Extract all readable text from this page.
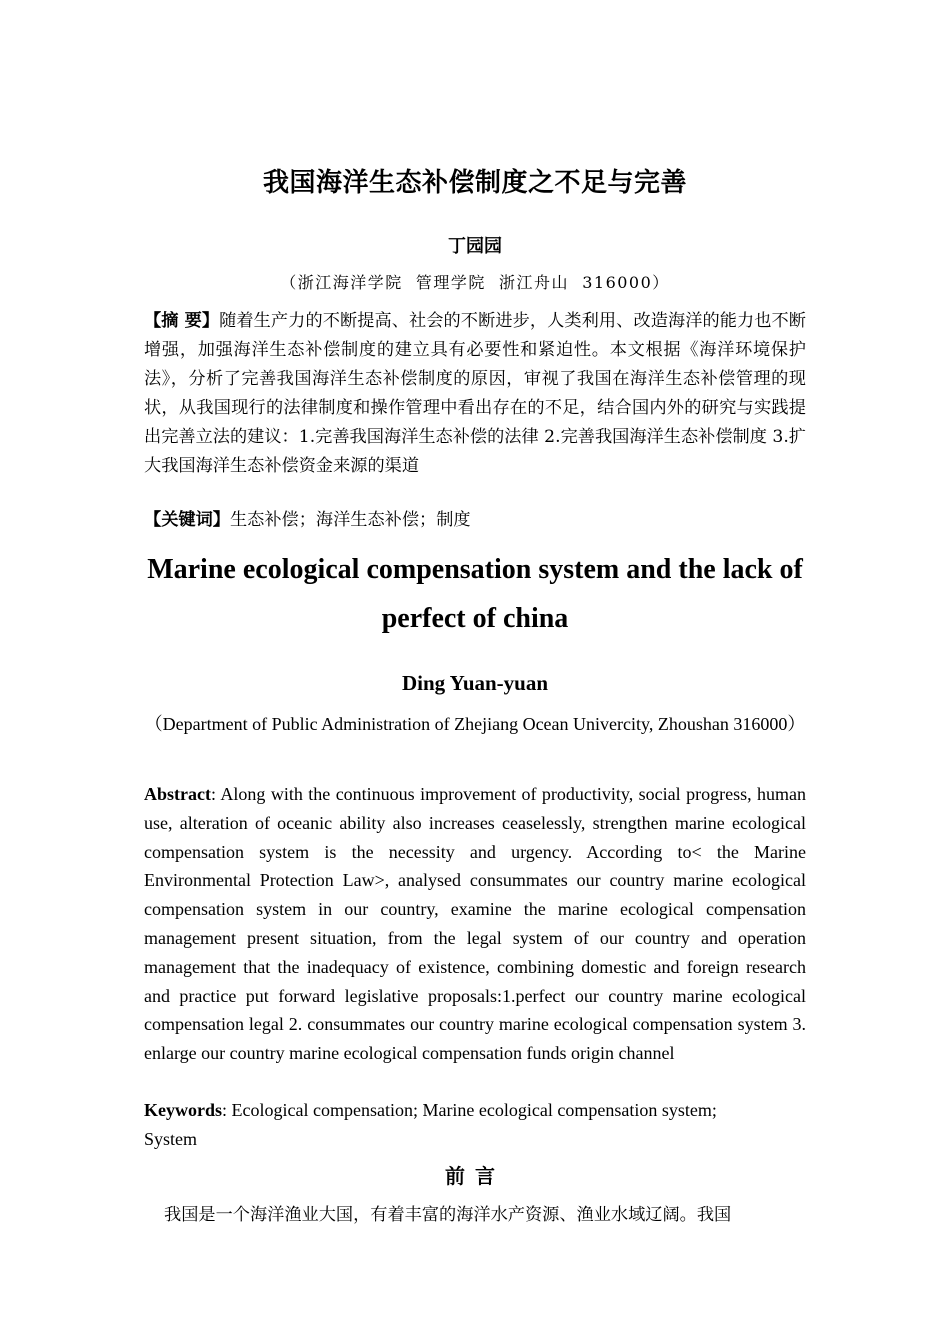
我国海洋生态补偿制度之不足与完善
丁园园
（浙江海洋学院  管理学院  浙江舟山  316000）
【摘 要】随着生产力的不断提高、社会的不断进步，人类利用、改造海洋的能力也不断增强，加强海洋生态补偿制度的建立具有必要性和紧迫性。本文根据《海洋环境保护法》，分析了完善我国海洋生态补偿制度的原因，审视了我国在海洋生态补偿管理的现状，从我国现行的法律制度和操作管理中看出存在的不足，结合国内外的研究与实践提出完善立法的建议：1.完善我国海洋生态补偿的法律 2.完善我国海洋生态补偿制度 3.扩大我国海洋生态补偿资金来源的渠道
【关键词】生态补偿；海洋生态补偿；制度
Marine ecological compensation system and the lack of perfect of china
Ding Yuan-yuan
（Department of Public Administration of Zhejiang Ocean Univercity, Zhoushan 316000）
Abstract: Along with the continuous improvement of productivity, social progress, human use, alteration of oceanic ability also increases ceaselessly, strengthen marine ecological compensation system is the necessity and urgency. According to< the Marine Environmental Protection Law>, analysed consummates our country marine ecological compensation system in our country, examine the marine ecological compensation management present situation, from the legal system of our country and operation management that the inadequacy of existence, combining domestic and foreign research and practice put forward legislative proposals:1.perfect our country marine ecological compensation legal 2. consummates our country marine ecological compensation system 3. enlarge our country marine ecological compensation funds origin channel
Keywords: Ecological compensation; Marine ecological compensation system; System
前言
我国是一个海洋渔业大国，有着丰富的海洋水产资源、渔业水域辽阔。我国
